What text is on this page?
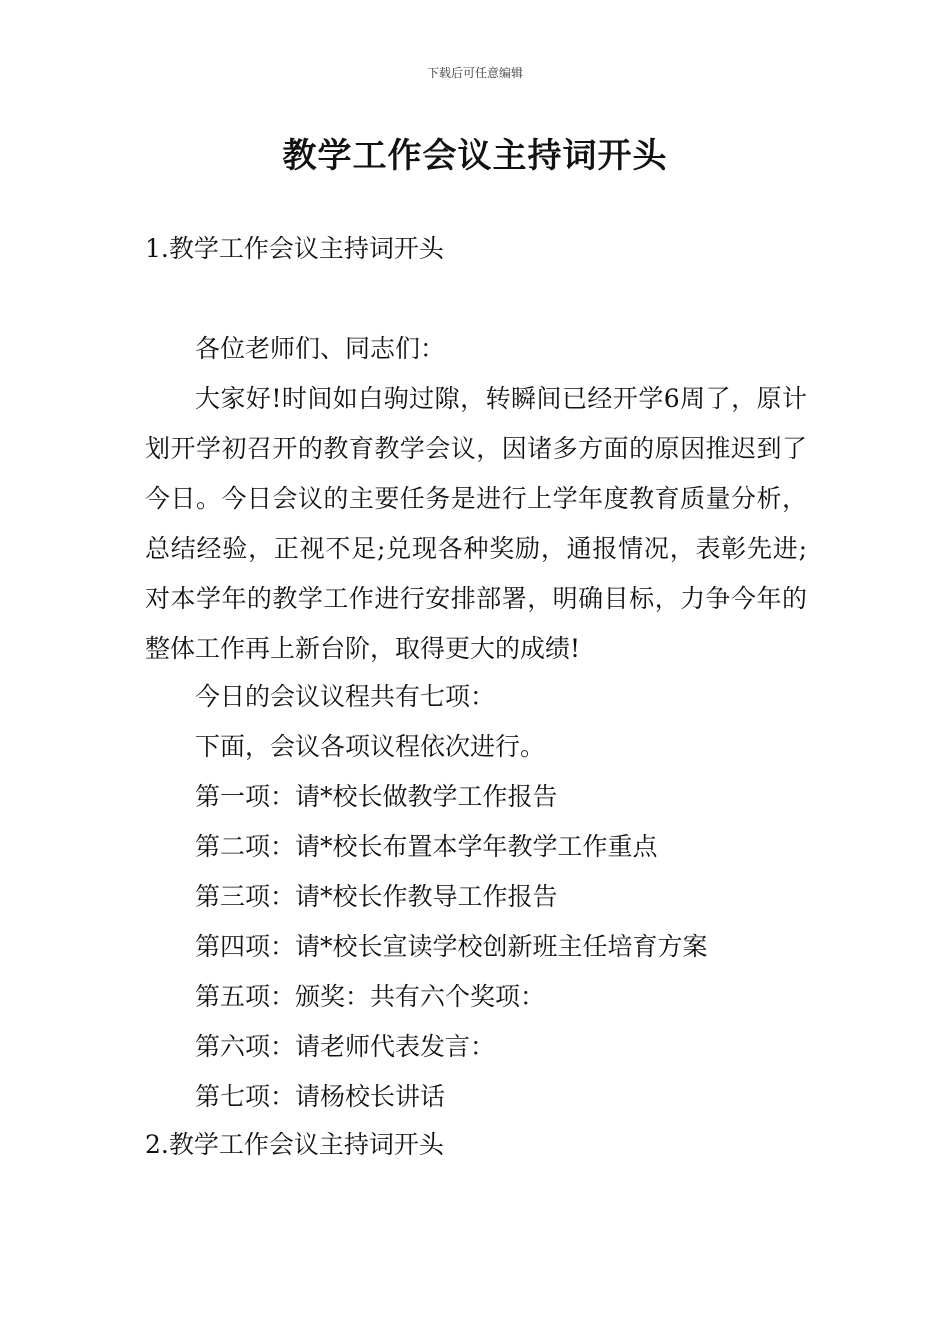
下载后可任意编辑
教学工作会议主持词开头
1.教学工作会议主持词开头

各位老师们、同志们：

大家好!时间如白驹过隙，转瞬间已经开学6周了，原计划开学初召开的教育教学会议，因诸多方面的原因推迟到了今日。今日会议的主要任务是进行上学年度教育质量分析，总结经验，正视不足;兑现各种奖励，通报情况，表彰先进;对本学年的教学工作进行安排部署，明确目标，力争今年的整体工作再上新台阶，取得更大的成绩!

今日的会议议程共有七项：
下面，会议各项议程依次进行。
第一项：请*校长做教学工作报告
第二项：请*校长布置本学年教学工作重点
第三项：请*校长作教导工作报告
第四项：请*校长宣读学校创新班主任培育方案
第五项：颁奖：共有六个奖项：
第六项：请老师代表发言：
第七项：请杨校长讲话
2.教学工作会议主持词开头
